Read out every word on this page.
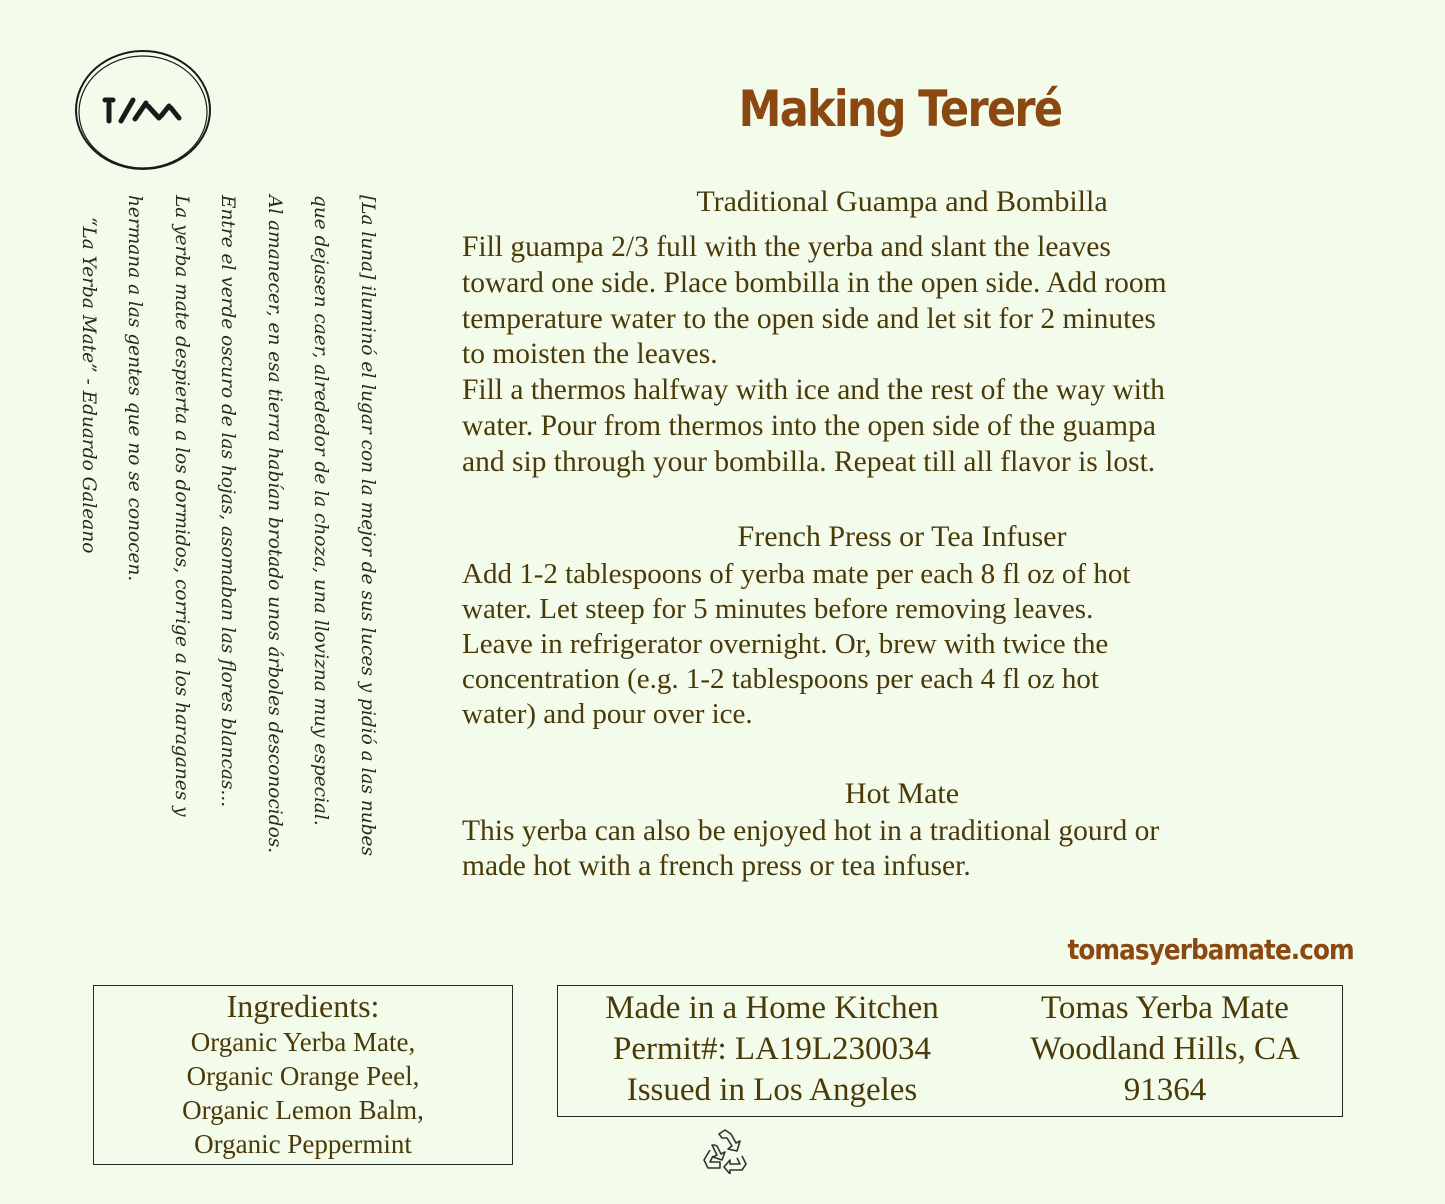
[La luna] iluminó el lugar con la mejor de sus luces y pidió a las nubes

que dejasen caer, alrededor de la choza, una llovizna muy especial.

Al amanecer, en esa tierra habían brotado unos árboles desconocidos.

Entre el verde oscuro de las hojas, asomaban las flores blancas...

La yerba mate despierta a los dormidos, corrige a los haraganes y

hermana a las gentes que no se conocen.

“La Yerba Mate” - Eduardo Galeano

Making Tereré
Traditional Guampa and Bombilla
Fill guampa 2/3 full with the yerba and slant the leaves
toward one side. Place bombilla in the open side. Add room
temperature water to the open side and let sit for 2 minutes
to moisten the leaves.
Fill a thermos halfway with ice and the rest of the way with
water. Pour from thermos into the open side of the guampa
and sip through your bombilla. Repeat till all flavor is lost.
French Press or Tea Infuser
Add 1-2 tablespoons of yerba mate per each 8 fl oz of hot
water. Let steep for 5 minutes before removing leaves.
Leave in refrigerator overnight. Or, brew with twice the
concentration (e.g. 1-2 tablespoons per each 4 fl oz hot
water) and pour over ice.
Hot Mate
This yerba can also be enjoyed hot in a traditional gourd or
made hot with a french press or tea infuser.
tomasyerbamate.com
Ingredients:
Organic Yerba Mate,
Organic Orange Peel,
Organic Lemon Balm,
Organic Peppermint
Made in a Home Kitchen
Permit#: LA19L230034
Issued in Los Angeles
Tomas Yerba Mate
Woodland Hills, CA
91364
